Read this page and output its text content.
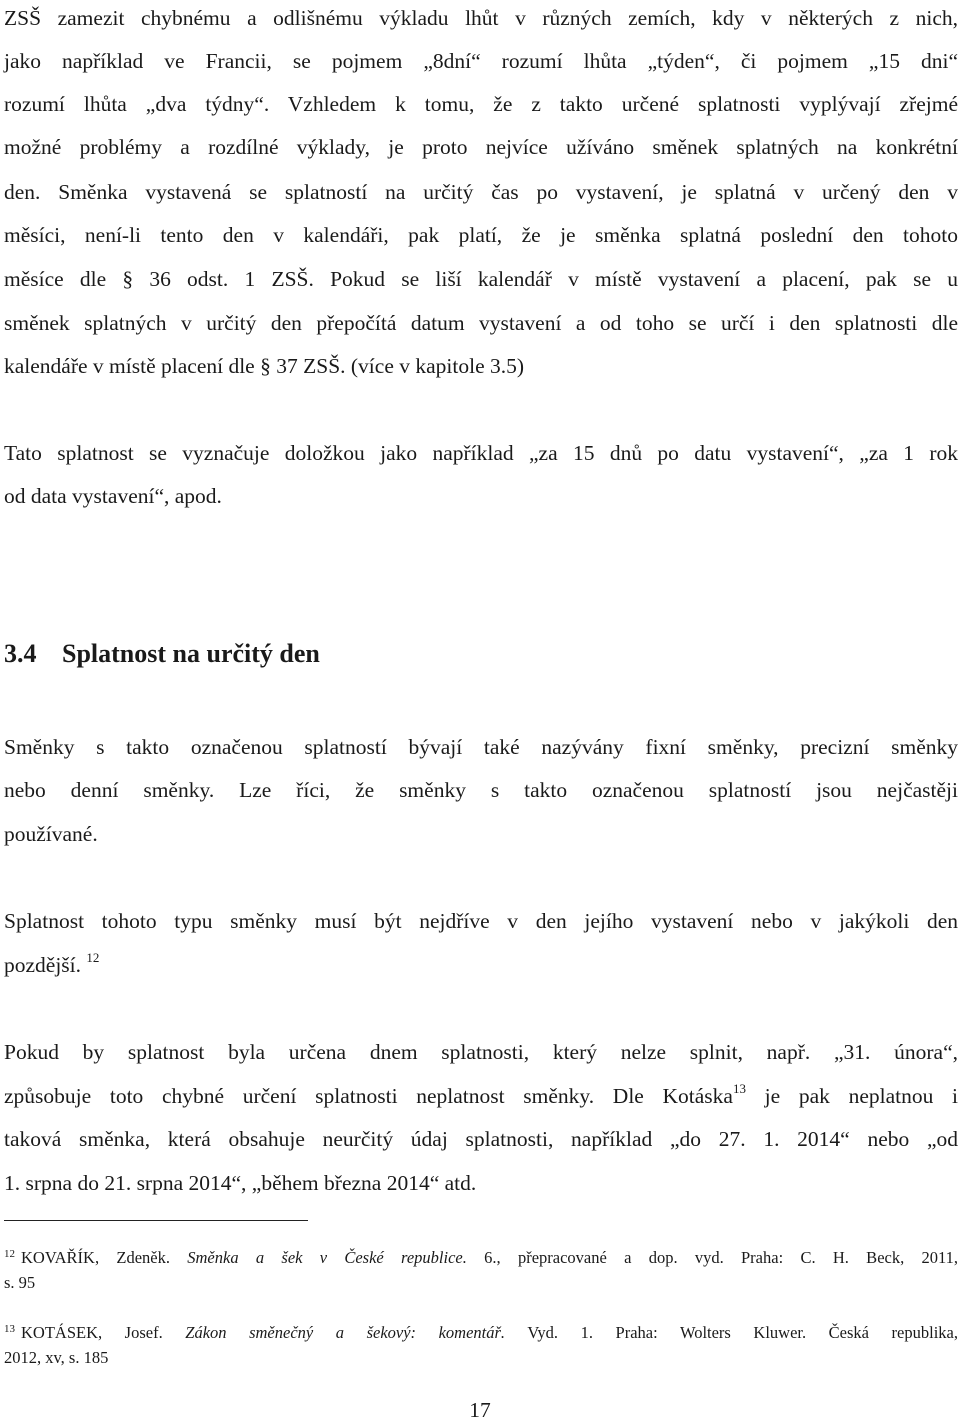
ZSŠ zamezit chybnému a odlišnému výkladu lhůt v různých zemích, kdy v některých z nich,
jako například ve Francii, se pojmem „8dní“ rozumí lhůta „týden“, či pojmem „15 dni“
rozumí lhůta „dva týdny“. Vzhledem k tomu, že z takto určené splatnosti vyplývají zřejmé
možné problémy a rozdílné výklady, je proto nejvíce užíváno směnek splatných na konkrétní
den. Směnka vystavená se splatností na určitý čas po vystavení, je splatná v určený den v
měsíci, není-li tento den v kalendáři, pak platí, že je směnka splatná poslední den tohoto
měsíce dle § 36 odst. 1 ZSŠ. Pokud se liší kalendář v místě vystavení a placení, pak se u
směnek splatných v určitý den přepočítá datum vystavení a od toho se určí i den splatnosti dle
kalendáře v místě placení dle § 37 ZSŠ. (více v kapitole 3.5)
Tato splatnost se vyznačuje doložkou jako například „za 15 dnů po datu vystavení“, „za 1 rok
od data vystavení“, apod.
3.4 Splatnost na určitý den
Směnky s takto označenou splatností bývají také nazývány fixní směnky, precizní směnky
nebo denní směnky. Lze říci, že směnky s takto označenou splatností jsou nejčastěji
používané.
Splatnost tohoto typu směnky musí být nejdříve v den jejího vystavení nebo v jakýkoli den
pozdější. $^{12}$
Pokud by splatnost byla určena dnem splatnosti, který nelze splnit, např. „31. února“,
způsobuje toto chybné určení splatnosti neplatnost směnky. Dle Kotáska$^{13}$ je pak neplatnou i
taková směnka, která obsahuje neurčitý údaj splatnosti, například „do 27. 1. 2014“ nebo „od
1. srpna do 21. srpna 2014“, „během března 2014“ atd.
$^{12}$ KOVAŘÍK, Zdeněk. Směnka a šek v České republice. 6., přepracované a dop. vyd. Praha: C. H. Beck, 2011,
s. 95
$^{13}$ KOTÁSEK, Josef. Zákon směnečný a šekový: komentář. Vyd. 1. Praha: Wolters Kluwer. Česká republika,
2012, xv, s. 185
17
